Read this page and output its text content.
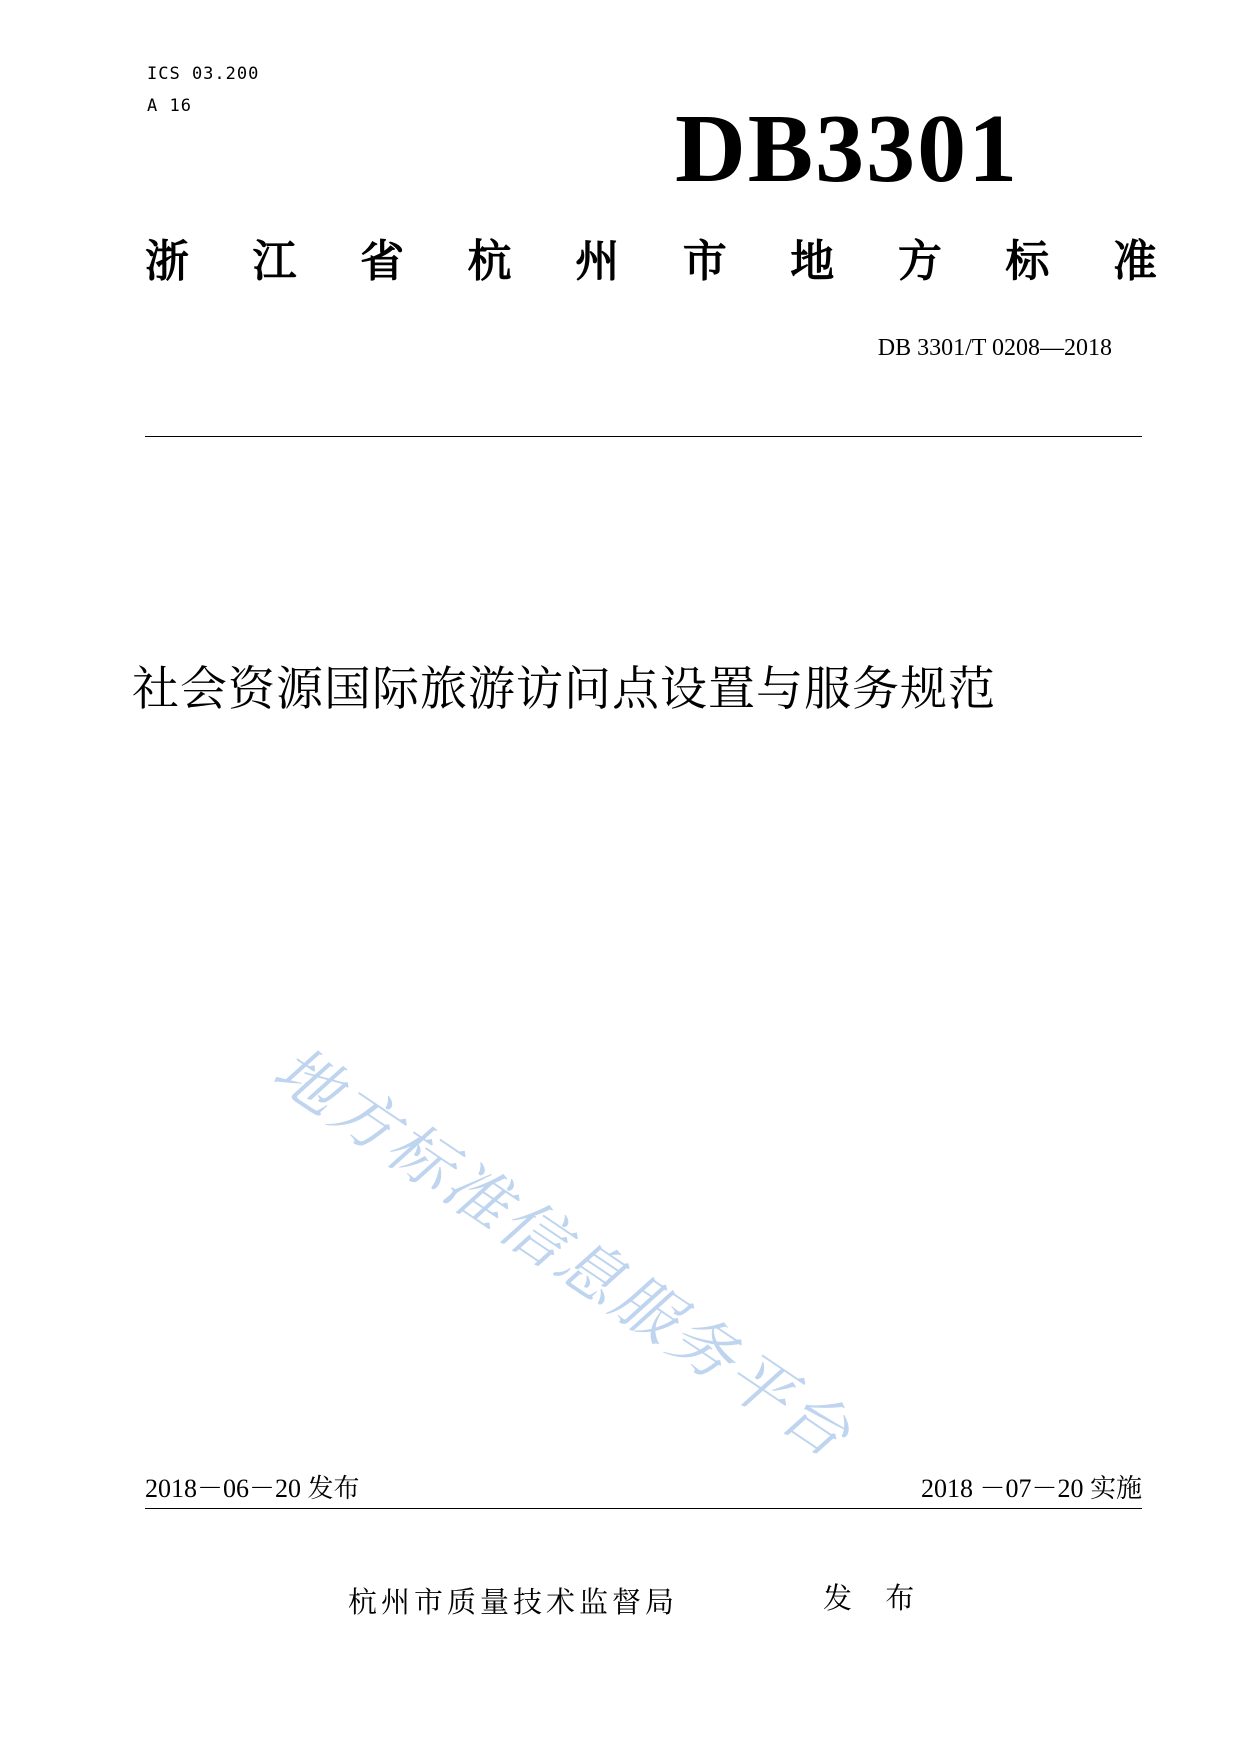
ICS 03.200
A 16	DB3301
浙 江 省 杭 州 市 地 方 标 准
DB 3301/T 0208—2018
社会资源国际旅游访问点设置与服务规范
地方标准信息服务平台
2018－06－20 发布	2018 －07－20 实施
杭州市质量技术监督局	发 布
